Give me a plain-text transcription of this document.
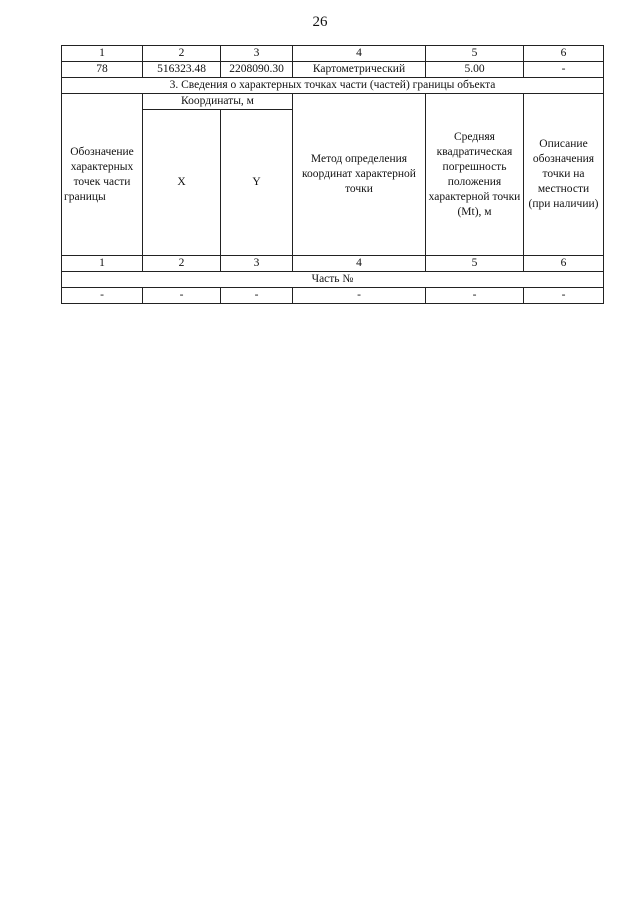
26
1	2	3	4	5	6
78	516323.48	2208090.30	Картометрический	5.00	-
3. Сведения о характерных точках части (частей) границы объекта					
Обозначение характерных точек части границы	Координаты, м		Метод определения координат характерной точки	Средняя квадратическая погрешность положения характерной точки (Mt), м	Описание обозначения точки на местности (при наличии)
	X	Y			
1	2	3	4	5	6
Часть №					
-	-	-	-	-	-
